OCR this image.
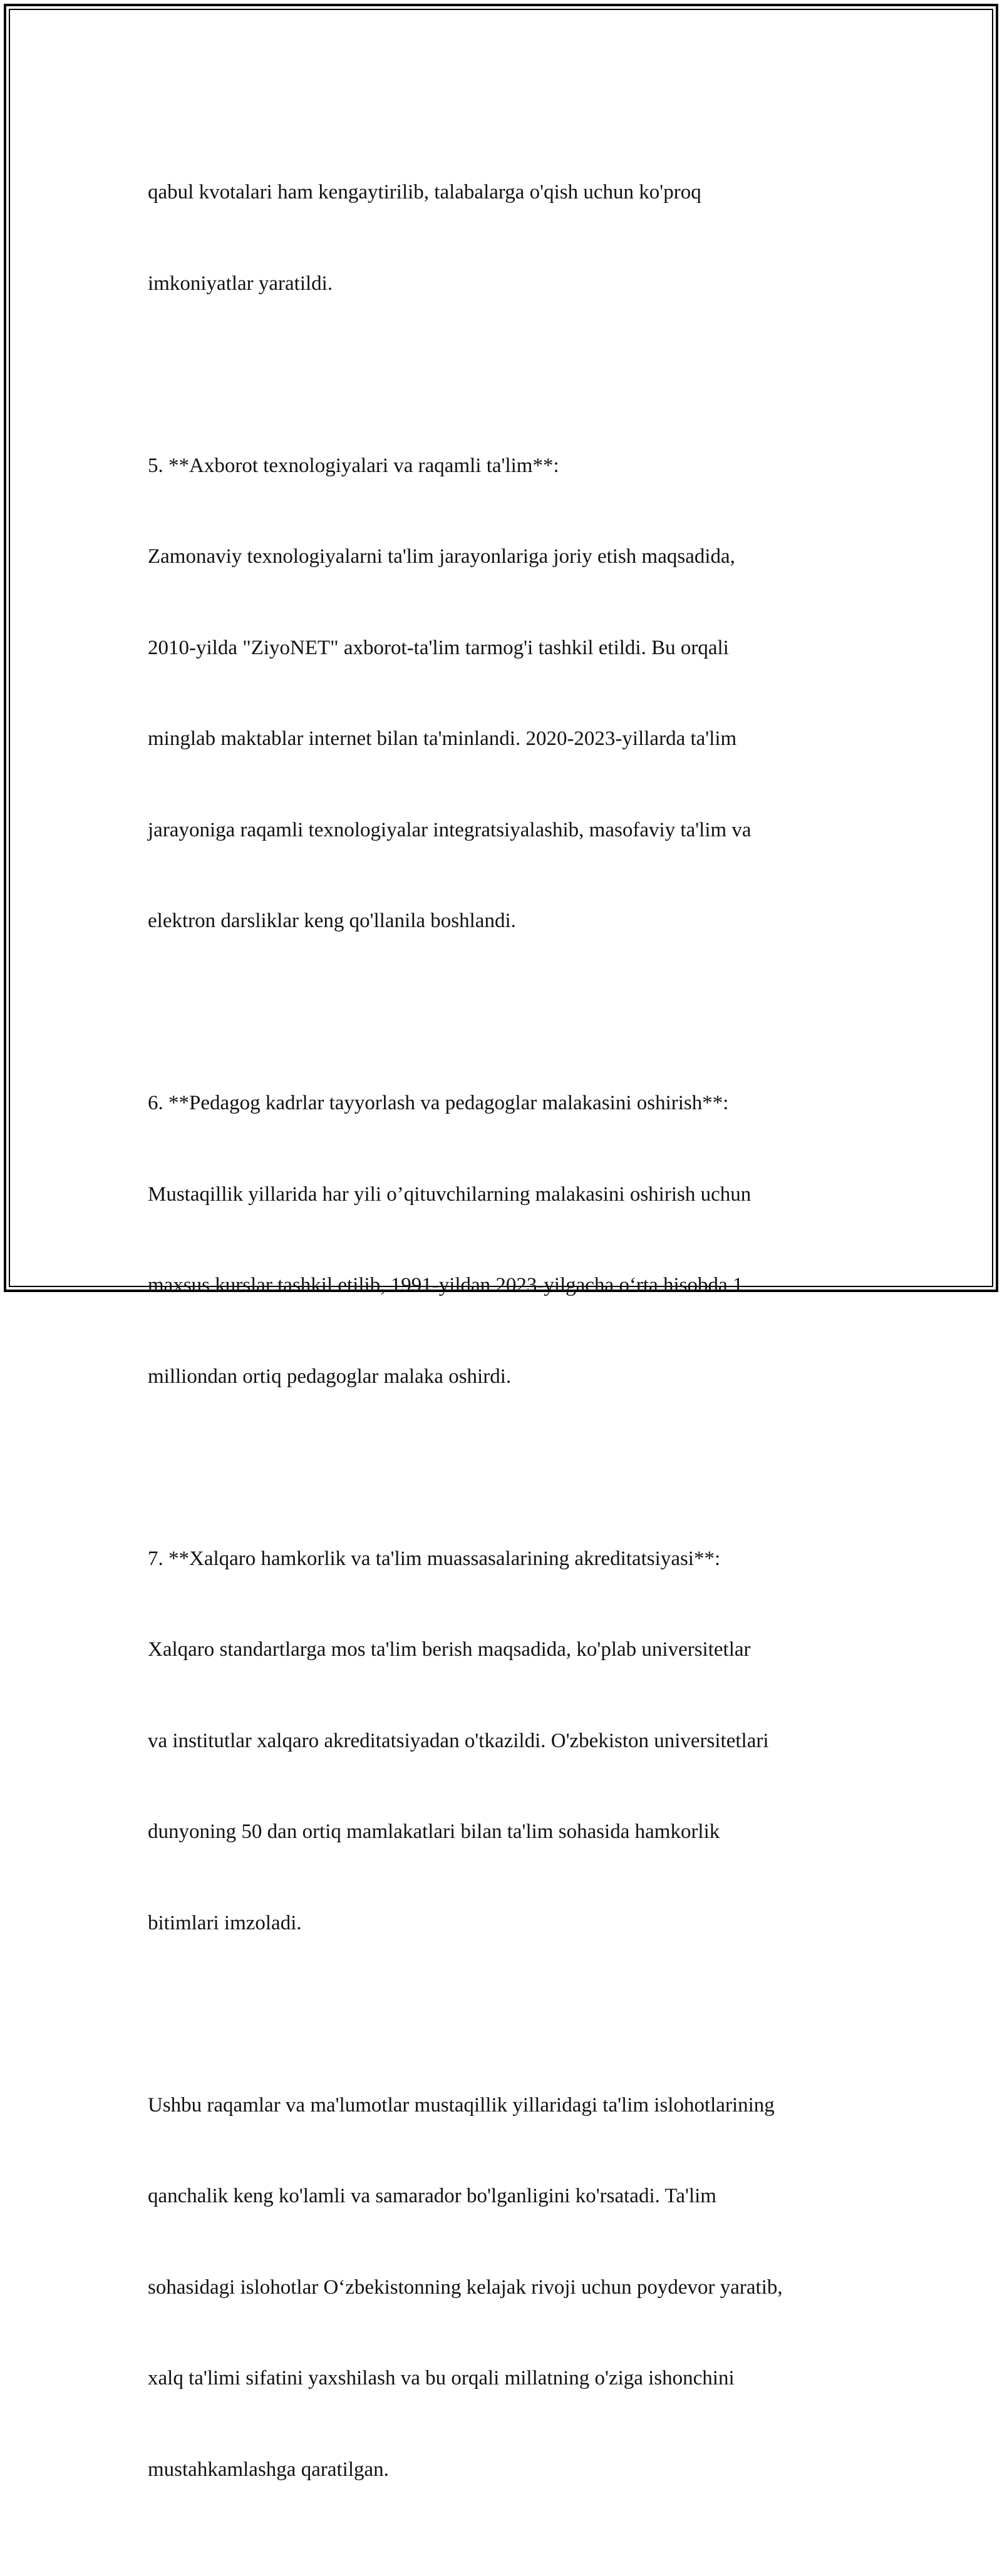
qabul kvotalari ham kengaytirilib, talabalarga o'qish uchun ko'proq

imkoniyatlar yaratildi.

5. **Axborot texnologiyalari va raqamli ta'lim**:

Zamonaviy texnologiyalarni ta'lim jarayonlariga joriy etish maqsadida,

2010-yilda "ZiyoNET" axborot-ta'lim tarmog'i tashkil etildi. Bu orqali

minglab maktablar internet bilan ta'minlandi. 2020-2023-yillarda ta'lim

jarayoniga raqamli texnologiyalar integratsiyalashib, masofaviy ta'lim va

elektron darsliklar keng qo'llanila boshlandi.

6. **Pedagog kadrlar tayyorlash va pedagoglar malakasini oshirish**:

Mustaqillik yillarida har yili o’qituvchilarning malakasini oshirish uchun

maxsus kurslar tashkil etilib, 1991-yildan 2023-yilgacha o‘rta hisobda 1

milliondan ortiq pedagoglar malaka oshirdi.

7. **Xalqaro hamkorlik va ta'lim muassasalarining akreditatsiyasi**:

Xalqaro standartlarga mos ta'lim berish maqsadida, ko'plab universitetlar

va institutlar xalqaro akreditatsiyadan o'tkazildi. O'zbekiston universitetlari

dunyoning 50 dan ortiq mamlakatlari bilan ta'lim sohasida hamkorlik

bitimlari imzoladi.

Ushbu raqamlar va ma'lumotlar mustaqillik yillaridagi ta'lim islohotlarining

qanchalik keng ko'lamli va samarador bo'lganligini ko'rsatadi. Ta'lim

sohasidagi islohotlar O‘zbekistonning kelajak rivoji uchun poydevor yaratib,

xalq ta'limi sifatini yaxshilash va bu orqali millatning o'ziga ishonchini

mustahkamlashga qaratilgan.
